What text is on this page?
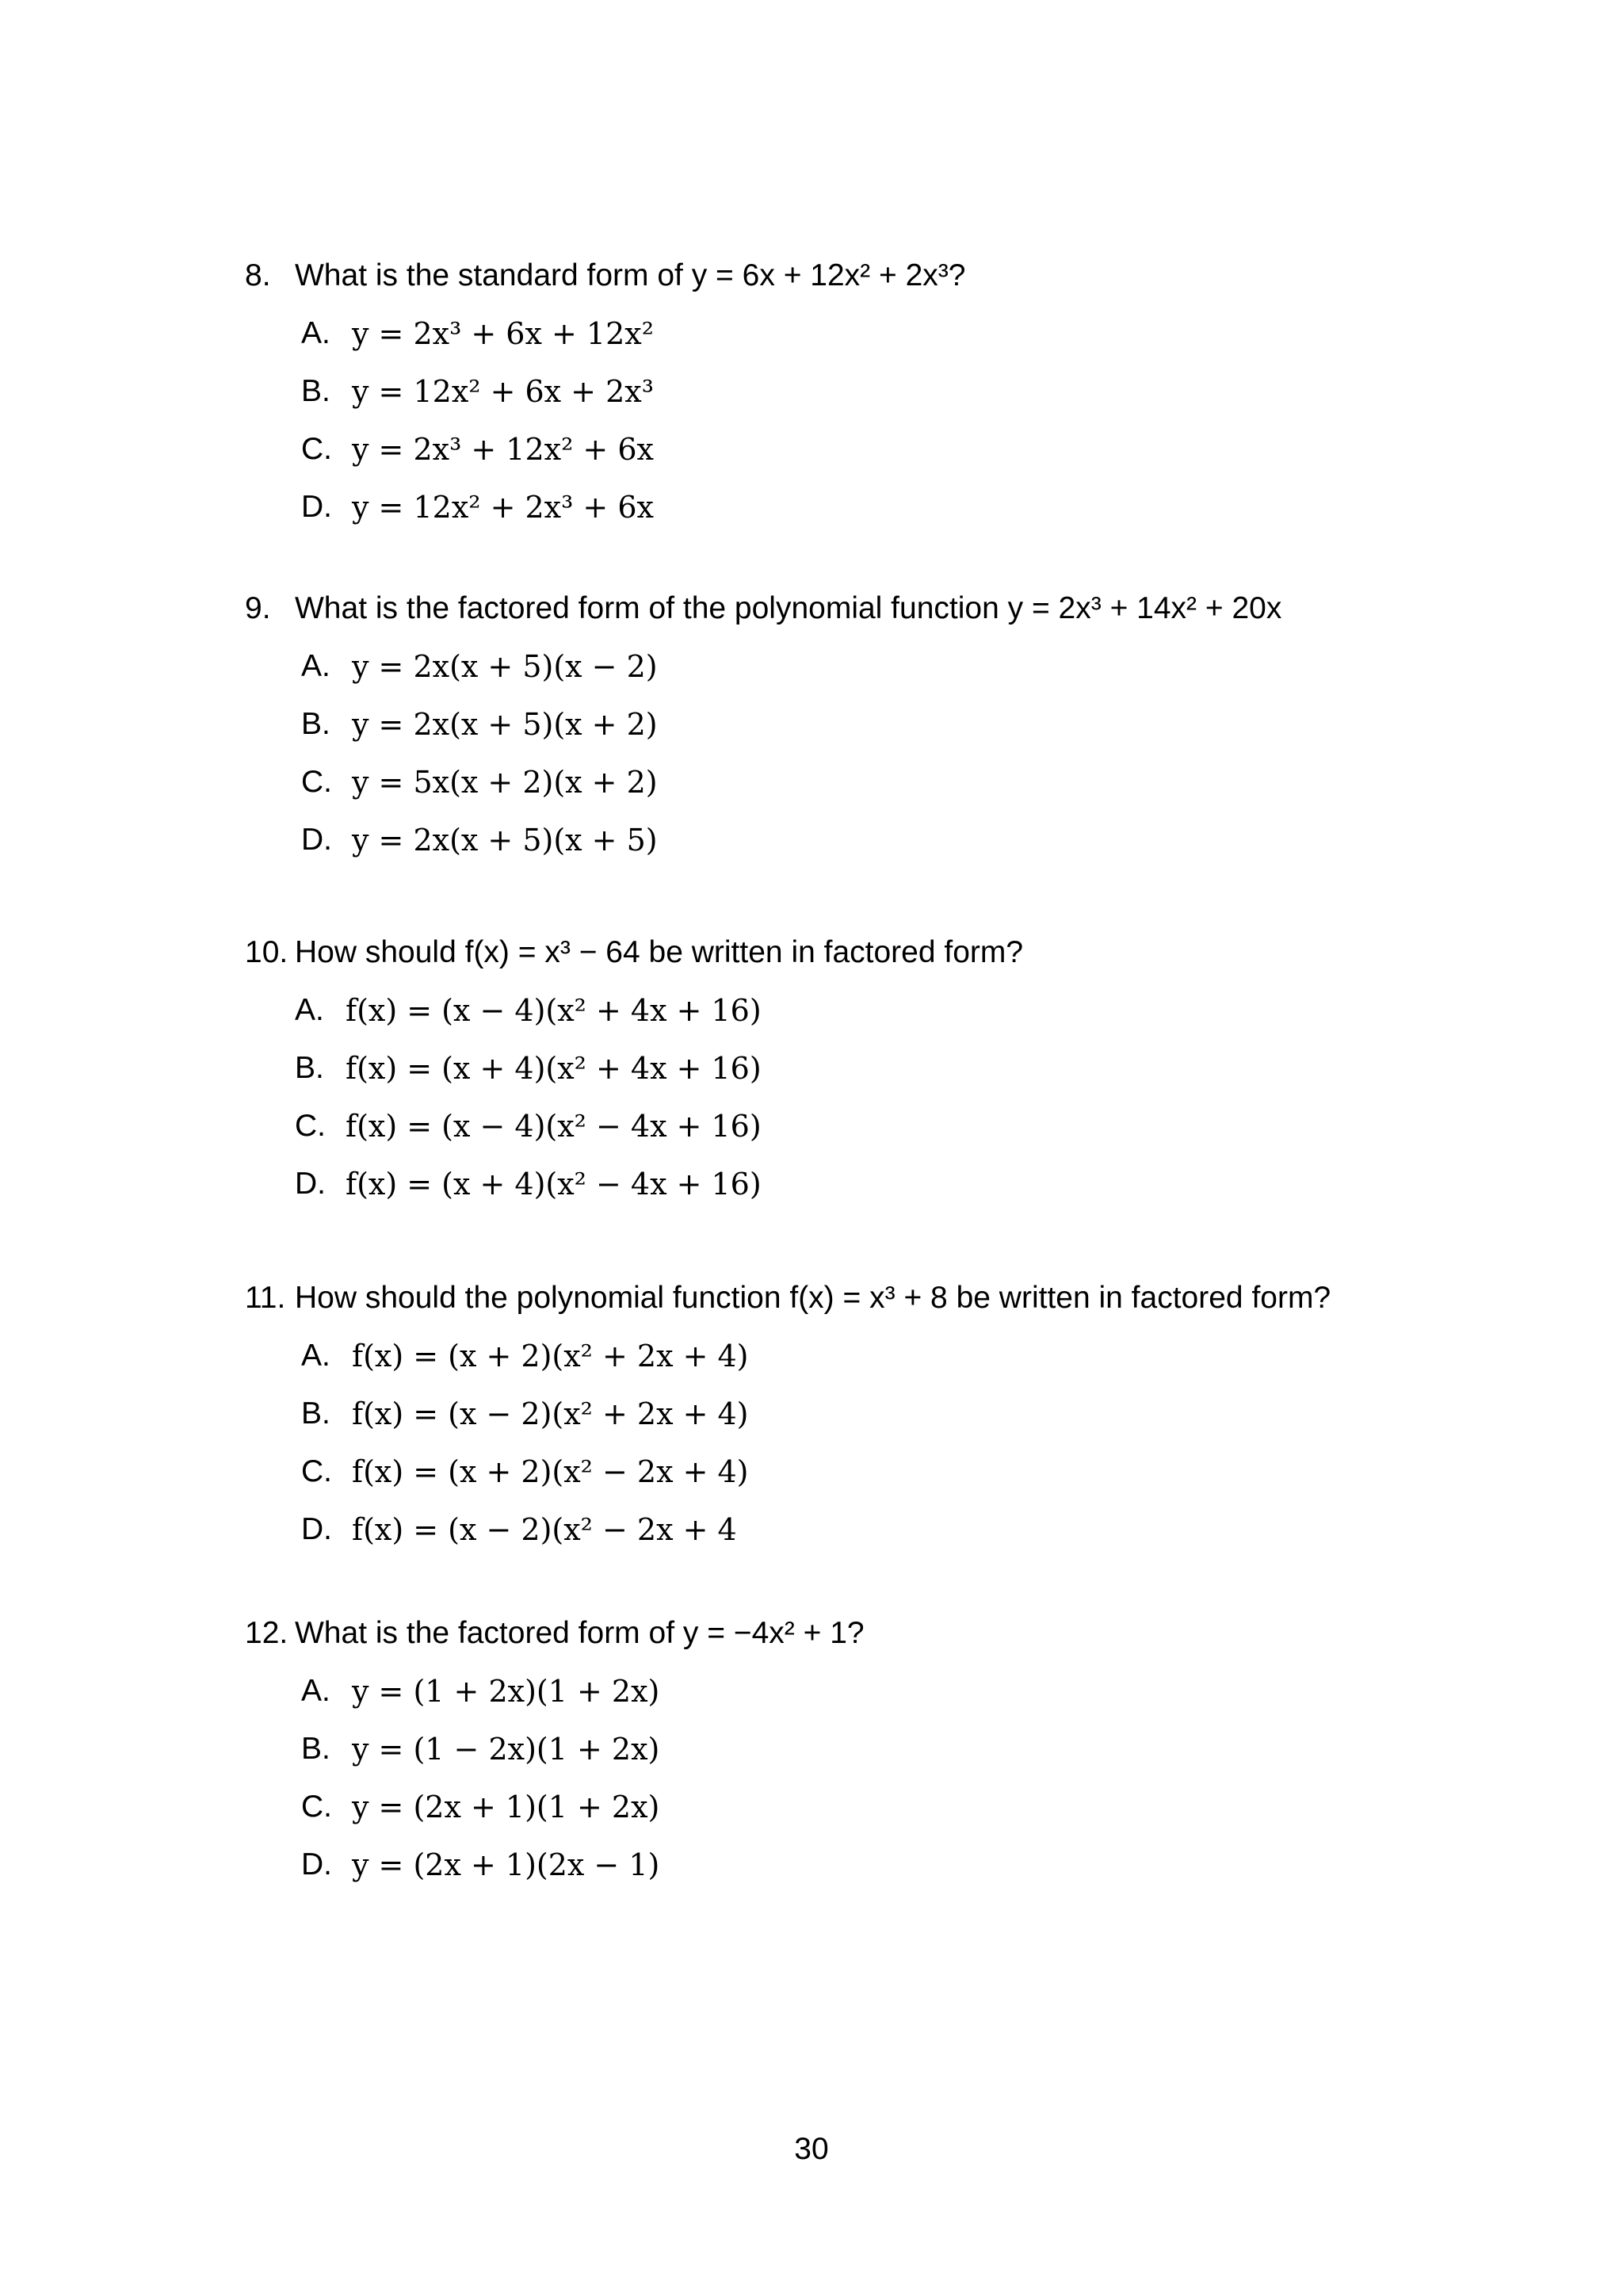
8. What is the standard form of y = 6x + 12x² + 2x³?
A. y = 2x³ + 6x + 12x²
B. y = 12x² + 6x + 2x³
C. y = 2x³ + 12x² + 6x
D. y = 12x² + 2x³ + 6x
9. What is the factored form of the polynomial function y = 2x³ + 14x² + 20x
A. y = 2x(x + 5)(x − 2)
B. y = 2x(x + 5)(x + 2)
C. y = 5x(x + 2)(x + 2)
D. y = 2x(x + 5)(x + 5)
10. How should f(x) = x³ − 64 be written in factored form?
A. f(x) = (x − 4)(x² + 4x + 16)
B. f(x) = (x + 4)(x² + 4x + 16)
C. f(x) = (x − 4)(x² − 4x + 16)
D. f(x) = (x + 4)(x² − 4x + 16)
11. How should the polynomial function f(x) = x³ + 8 be written in factored form?
A. f(x) = (x + 2)(x² + 2x + 4)
B. f(x) = (x − 2)(x² + 2x + 4)
C. f(x) = (x + 2)(x² − 2x + 4)
D. f(x) = (x − 2)(x² − 2x + 4
12. What is the factored form of y = −4x² + 1?
A. y = (1 + 2x)(1 + 2x)
B. y = (1 − 2x)(1 + 2x)
C. y = (2x + 1)(1 + 2x)
D. y = (2x + 1)(2x − 1)
30
